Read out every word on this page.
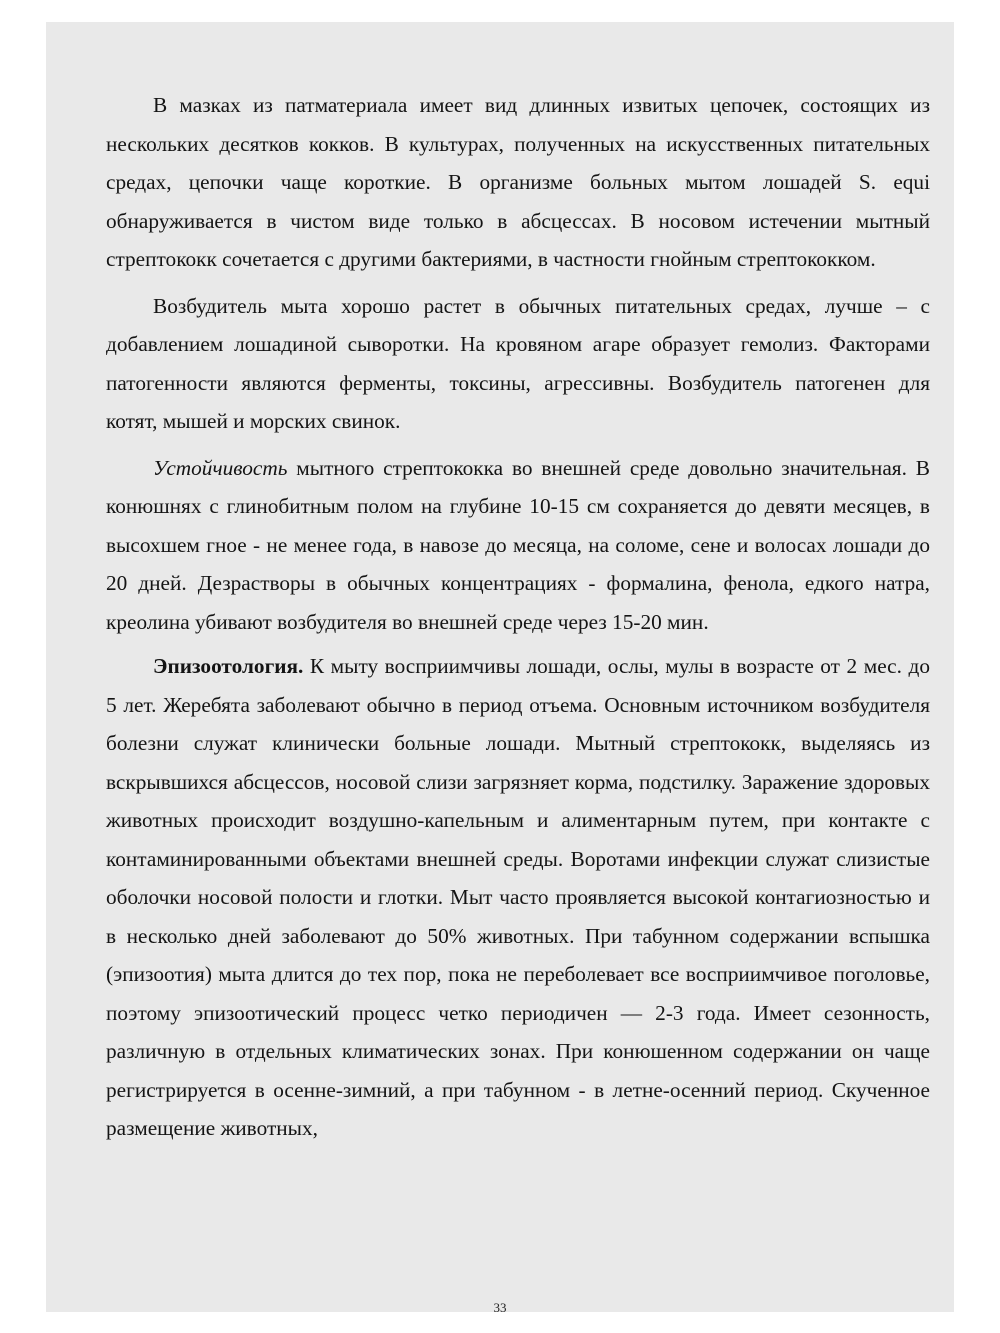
В мазках из патматериала имеет вид длинных извитых цепочек, состоящих из нескольких десятков кокков. В культурах, полученных на искусственных питательных средах, цепочки чаще короткие. В организме больных мытом лошадей S. equi обнаруживается в чистом виде только в абсцессах. В носовом истечении мытный стрептококк сочетается с другими бактериями, в частности гнойным стрептококком.

Возбудитель мыта хорошо растет в обычных питательных средах, лучше – с добавлением лошадиной сыворотки. На кровяном агаре образует гемолиз. Факторами патогенности являются ферменты, токсины, агрессивны. Возбудитель патогенен для котят, мышей и морских свинок.

Устойчивость мытного стрептококка во внешней среде довольно значительная. В конюшнях с глинобитным полом на глубине 10-15 см сохраняется до девяти месяцев, в высохшем гное - не менее года, в навозе до месяца, на соломе, сене и волосах лошади до 20 дней. Дезрастворы в обычных концентрациях - формалина, фенола, едкого натра, креолина убивают возбудителя во внешней среде через 15-20 мин.

Эпизоотология. К мыту восприимчивы лошади, ослы, мулы в возрасте от 2 мес. до 5 лет. Жеребята заболевают обычно в период отъема. Основным источником возбудителя болезни служат клинически больные лошади. Мытный стрептококк, выделяясь из вскрывшихся абсцессов, носовой слизи загрязняет корма, подстилку. Заражение здоровых животных происходит воздушно-капельным и алиментарным путем, при контакте с контаминированными объектами внешней среды. Воротами инфекции служат слизистые оболочки носовой полости и глотки. Мыт часто проявляется высокой контагиозностью и в несколько дней заболевают до 50% животных. При табунном содержании вспышка (эпизоотия) мыта длится до тех пор, пока не переболевает все восприимчивое поголовье, поэтому эпизоотический процесс четко периодичен — 2-3 года. Имеет сезонность, различную в отдельных климатических зонах. При конюшенном содержании он чаще регистрируется в осенне-зимний, а при табунном - в летне-осенний период. Скученное размещение животных,

33
